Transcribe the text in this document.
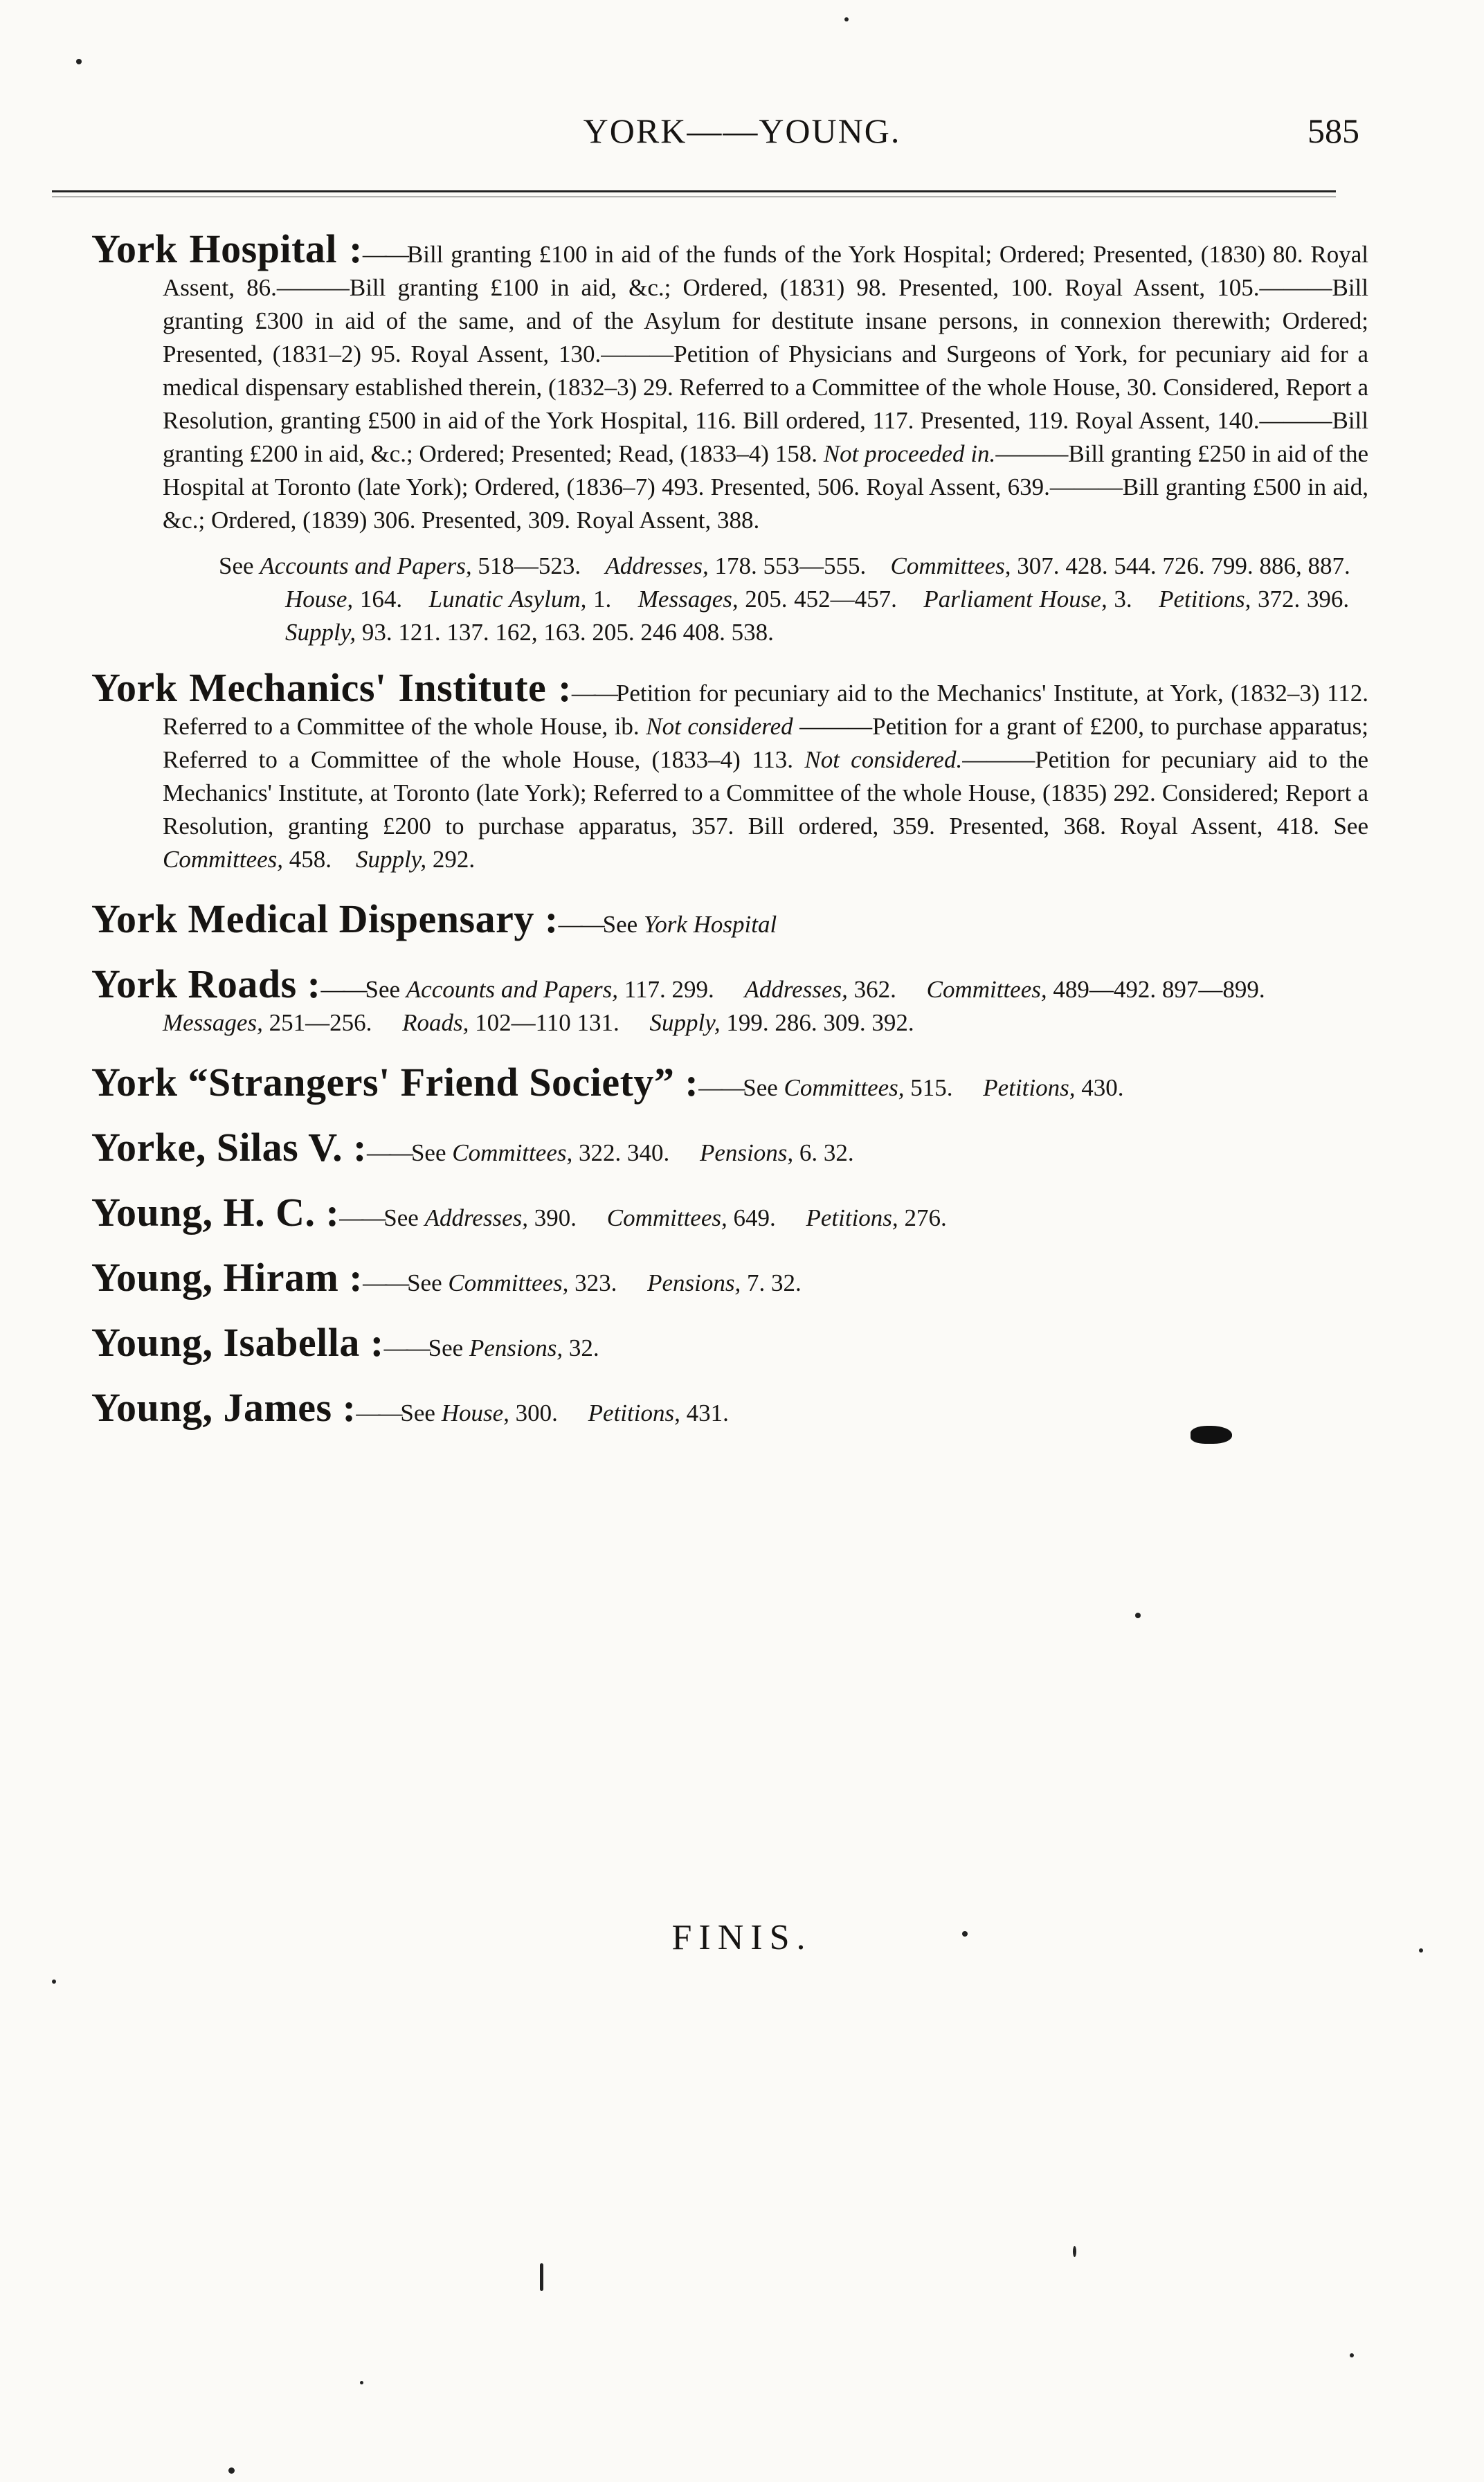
YORK——YOUNG.	585

York Hospital :——Bill granting £100 in aid of the funds of the York Hospital; Ordered; Presented, (1830) 80. Royal Assent, 86.———Bill granting £100 in aid, &c.; Ordered, (1831) 98. Presented, 100. Royal Assent, 105.———Bill granting £300 in aid of the same, and of the Asylum for destitute insane persons, in connexion therewith; Ordered; Presented, (1831–2) 95. Royal Assent, 130.———Petition of Physicians and Surgeons of York, for pecuniary aid for a medical dispensary established therein, (1832–3) 29. Referred to a Committee of the whole House, 30. Considered, Report a Resolution, granting £500 in aid of the York Hospital, 116. Bill ordered, 117. Presented, 119. Royal Assent, 140.———Bill granting £200 in aid, &c.; Ordered; Presented; Read, (1833–4) 158. Not proceeded in.———Bill granting £250 in aid of the Hospital at Toronto (late York); Ordered, (1836–7) 493. Presented, 506. Royal Assent, 639.———Bill granting £500 in aid, &c.; Ordered, (1839) 306. Presented, 309. Royal Assent, 388.

See Accounts and Papers, 518—523. Addresses, 178. 553—555. Committees, 307. 428. 544. 726. 799. 886, 887.    House, 164. Lunatic Asylum, 1. Messages, 205. 452—457. Parliament House, 3. Petitions, 372. 396.    Supply, 93. 121. 137. 162, 163. 205. 246 408. 538.

York Mechanics' Institute :——Petition for pecuniary aid to the Mechanics' Institute, at York, (1832–3) 112. Referred to a Committee of the whole House, ib. Not considered ———Petition for a grant of £200, to purchase apparatus; Referred to a Committee of the whole House, (1833–4) 113. Not considered.———Petition for pecuniary aid to the Mechanics' Institute, at Toronto (late York); Referred to a Committee of the whole House, (1835) 292. Considered; Report a Resolution, granting £200 to purchase apparatus, 357. Bill ordered, 359. Presented, 368. Royal Assent, 418. See Committees, 458. Supply, 292.

York Medical Dispensary :——See York Hospital

York Roads :——See Accounts and Papers, 117. 299. Addresses, 362. Committees, 489—492. 897—899.     Messages, 251—256. Roads, 102—110 131. Supply, 199. 286. 309. 392.

York “Strangers' Friend Society” :——See Committees, 515. Petitions, 430.

Yorke, Silas V. :——See Committees, 322. 340. Pensions, 6. 32.

Young, H. C. :——See Addresses, 390. Committees, 649. Petitions, 276.

Young, Hiram :——See Committees, 323. Pensions, 7. 32.

Young, Isabella :——See Pensions, 32.

Young, James :——See House, 300. Petitions, 431.

FINIS.
